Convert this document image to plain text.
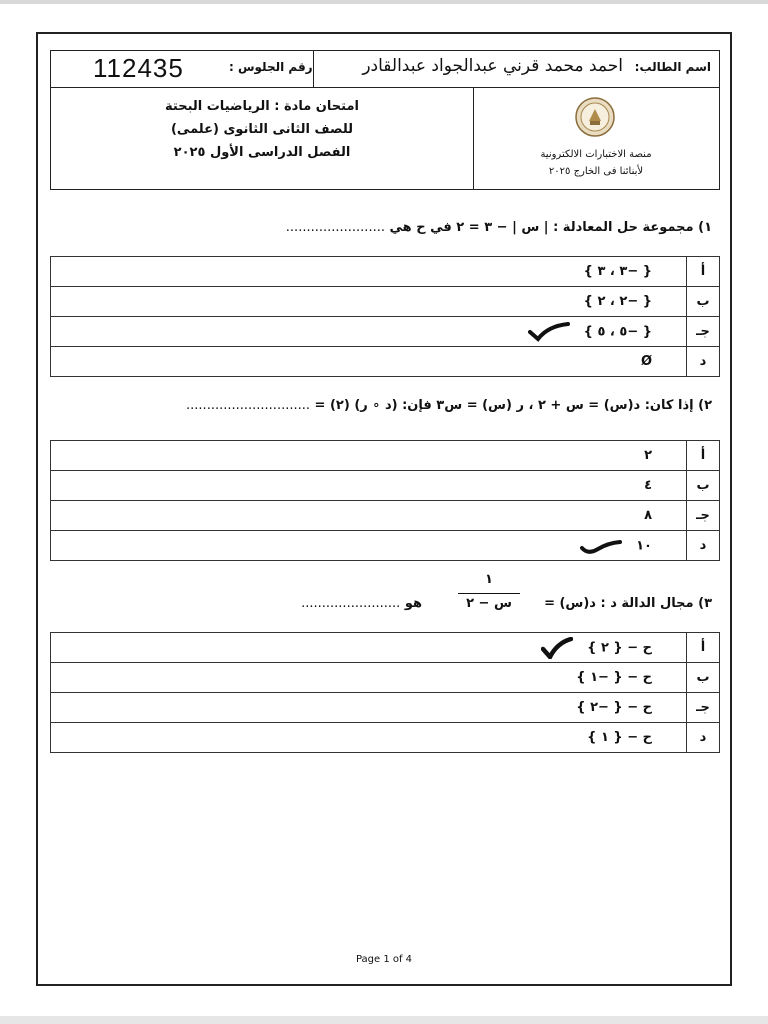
اسم الطالب:
احمد محمد قرني عبدالجواد عبدالقادر
رقم الجلوس :
112435
امتحان مادة : الرياضيات البحتة
للصف الثانى الثانوى (علمى)
الفصل الدراسى الأول ٢٠٢٥	منصة الاختبارات الالكترونية
لأبنائنا فى الخارج ٢٠٢٥
١) مجموعة حل المعادلة : | س | − ٣ = ٢ في ح هي ........................
{ −٣ ، ٣ }	أ
{ −٢ ، ٢ }	ب
{ −٥ ، ٥ }	جـ
Ø	د
٢) إذا كان: د(س) = س + ٢ ، ر (س) = س٣ فإن: (د ∘ ر) (٢) = ..............................
٢	أ
٤	ب
٨	جـ
١٠	د
٣) مجال الدالة د : د(س) =
١
س − ٢
هو ........................
ح − { ٢ }	أ
ح − { −١ }	ب
ح − { −٢ }	جـ
ح − { ١ }	د
Page 1 of 4
